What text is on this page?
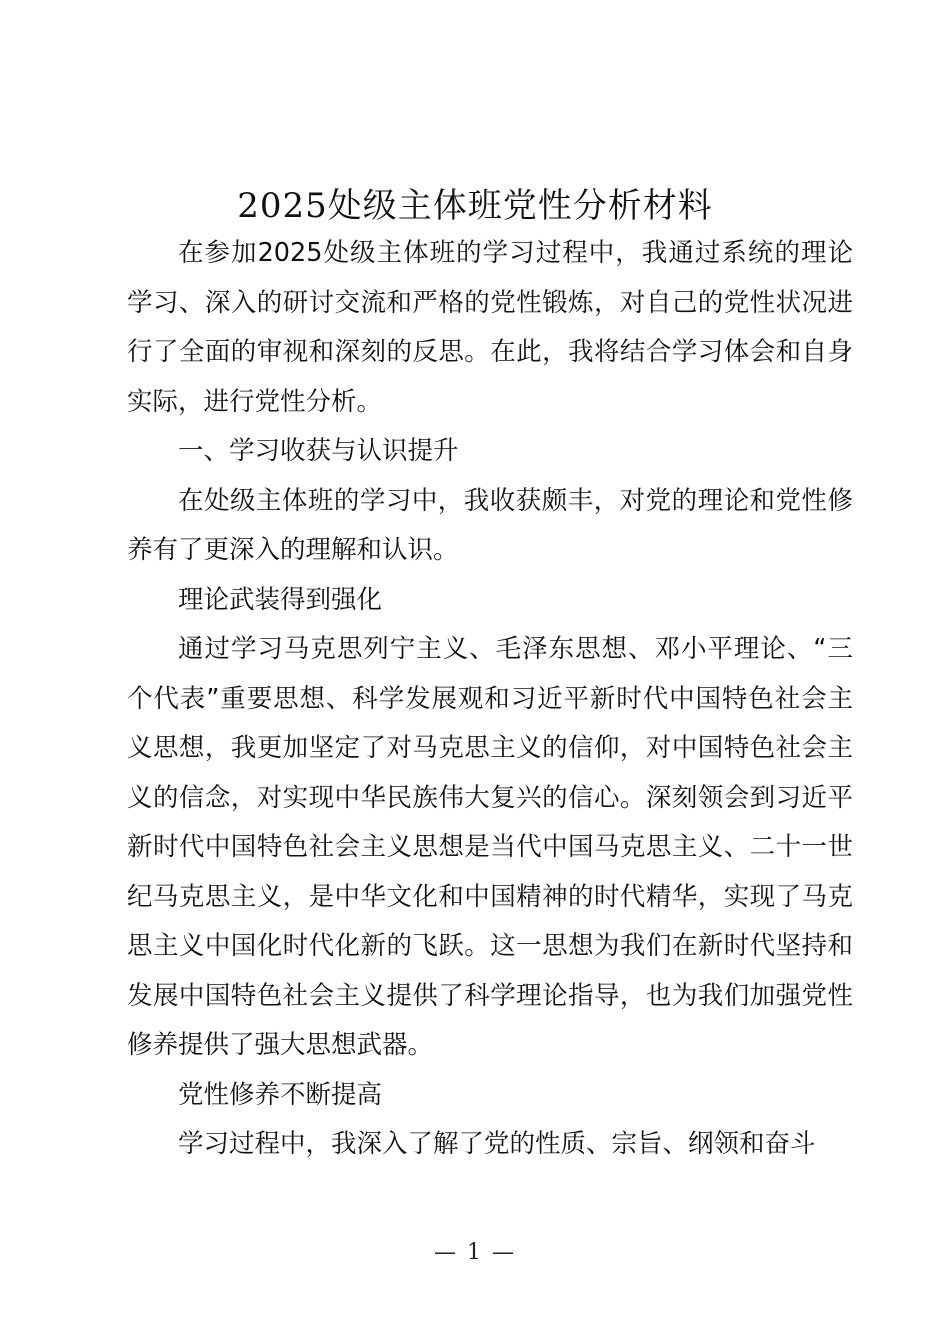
2025处级主体班党性分析材料

在参加2025处级主体班的学习过程中，我通过系统的理论学习、深入的研讨交流和严格的党性锻炼，对自己的党性状况进行了全面的审视和深刻的反思。在此，我将结合学习体会和自身实际，进行党性分析。

一、学习收获与认识提升

在处级主体班的学习中，我收获颇丰，对党的理论和党性修养有了更深入的理解和认识。

理论武装得到强化

通过学习马克思列宁主义、毛泽东思想、邓小平理论、“三个代表”重要思想、科学发展观和习近平新时代中国特色社会主义思想，我更加坚定了对马克思主义的信仰，对中国特色社会主义的信念，对实现中华民族伟大复兴的信心。深刻领会到习近平新时代中国特色社会主义思想是当代中国马克思主义、二十一世纪马克思主义，是中华文化和中国精神的时代精华，实现了马克思主义中国化时代化新的飞跃。这一思想为我们在新时代坚持和发展中国特色社会主义提供了科学理论指导，也为我们加强党性修养提供了强大思想武器。

党性修养不断提高

学习过程中，我深入了解了党的性质、宗旨、纲领和奋斗

— 1 —
